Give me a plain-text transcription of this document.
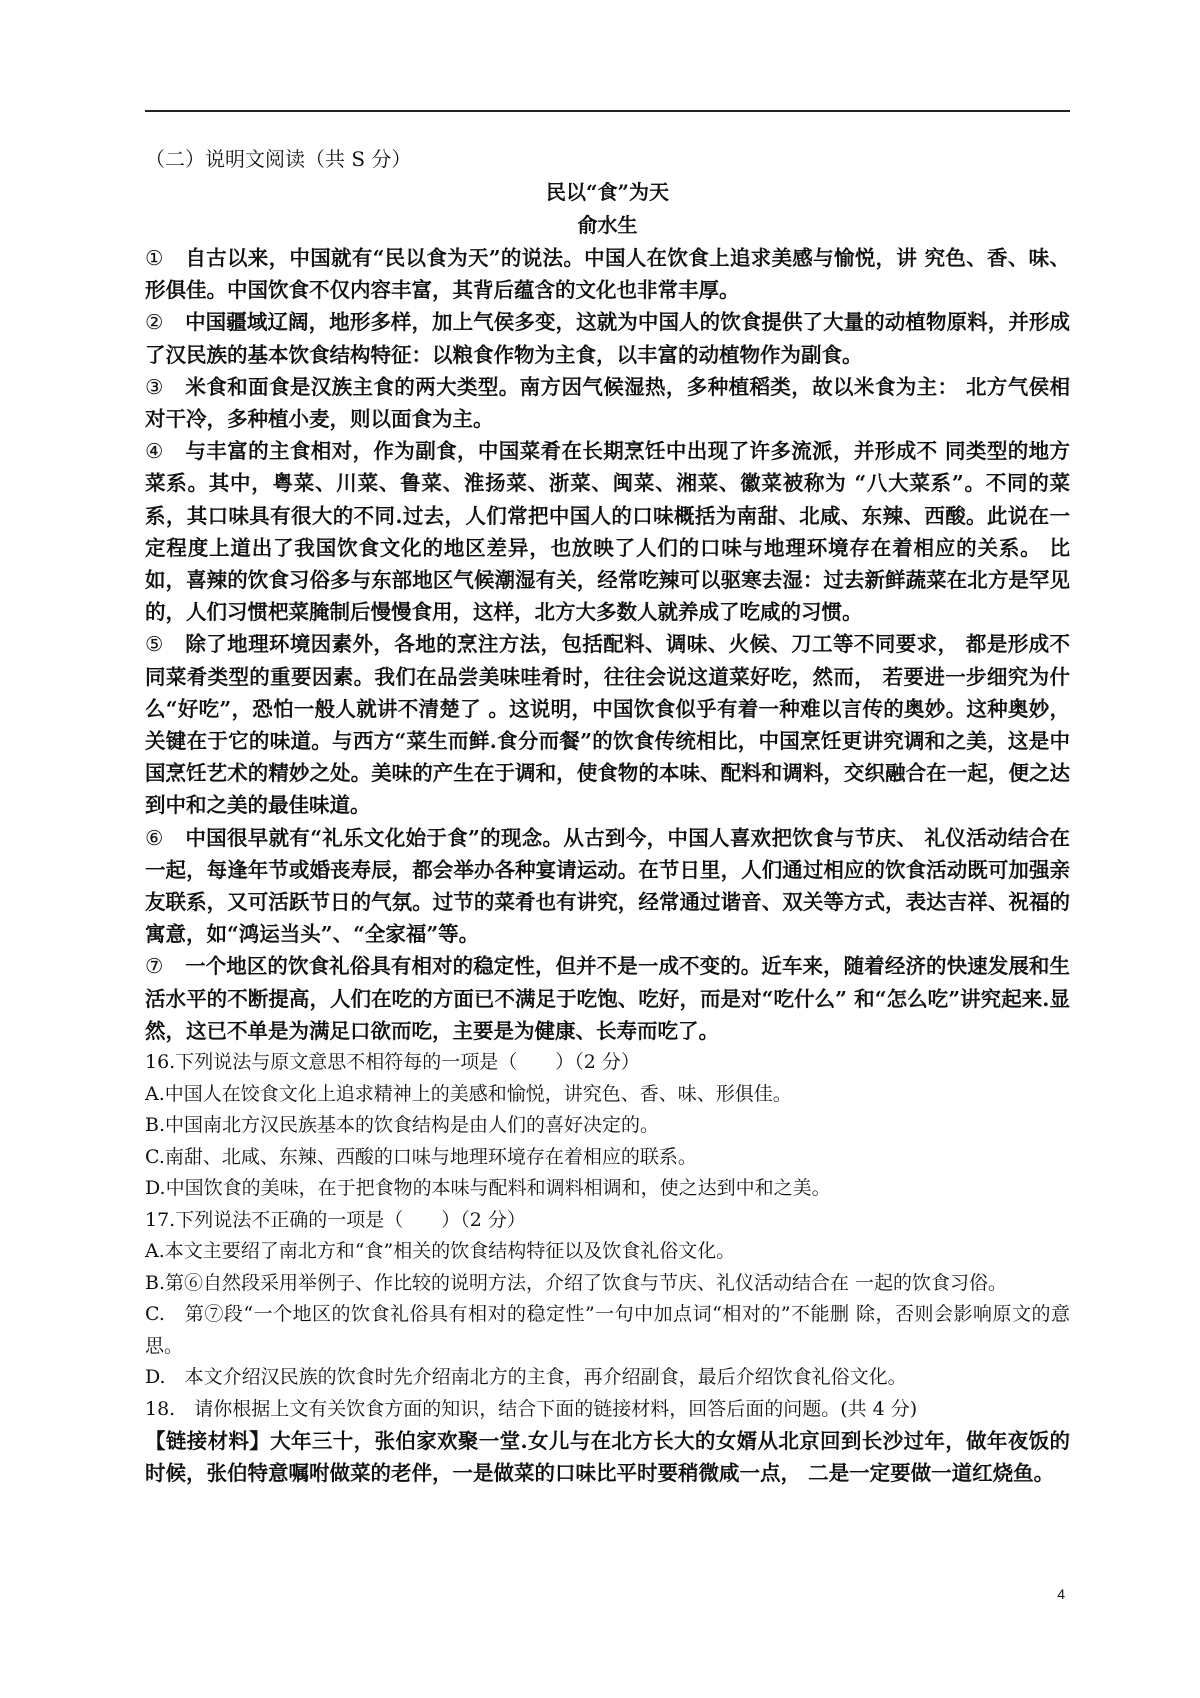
（二）说明文阅读（共 S 分）

民以“食”为天

俞水生

① 自古以来，中国就有“民以食为天”的说法。中国人在饮食上追求美感与愉悦，讲 究色、香、味、形俱佳。中国饮食不仅内容丰富，其背后蕴含的文化也非常丰厚。

② 中国疆域辽阔，地形多样，加上气侯多变，这就为中国人的饮食提供了大量的动植物原料，并形成了汉民族的基本饮食结构特征：以粮食作物为主食，以丰富的动植物作为副食。

③ 米食和面食是汉族主食的两大类型。南方因气候湿热，多种植稻类，故以米食为主： 北方气侯相对干冷，多种植小麦，则以面食为主。

④ 与丰富的主食相对，作为副食，中国菜肴在长期烹饪中出现了许多流派，并形成不 同类型的地方菜系。其中，粤菜、川菜、鲁菜、淮扬菜、浙菜、闽菜、湘菜、徽菜被称为 “八大菜系”。不同的菜系，其口味具有很大的不同.过去，人们常把中国人的口味概括为南甜、北咸、东辣、西酸。此说在一定程度上道出了我国饮食文化的地区差异，也放映了人们的口味与地理环境存在着相应的关系。 比如，喜辣的饮食习俗多与东部地区气候潮湿有关，经常吃辣可以驱寒去湿：过去新鲜蔬菜在北方是罕见的，人们习惯杷菜腌制后慢慢食用，这样，北方大多数人就养成了吃咸的习惯。

⑤ 除了地理环境因素外，各地的烹注方法，包括配料、调味、火候、刀工等不同要求， 都是形成不同菜肴类型的重要因素。我们在品尝美味哇肴时，往往会说这道菜好吃，然而， 若要进一步细究为什么“好吃”，恐怕一般人就讲不清楚了 。这说明，中国饮食似乎有着一种难以言传的奥妙。这种奥妙，关键在于它的味道。与西方“菜生而鲜.食分而餐”的饮食传统相比，中国烹饪更讲究调和之美，这是中国烹饪艺术的精妙之处。美味的产生在于调和，使食物的本味、配料和调料，交织融合在一起，便之达到中和之美的最佳味道。

⑥ 中国很早就有“礼乐文化始于食”的现念。从古到今，中国人喜欢把饮食与节庆、 礼仪活动结合在一起，每逢年节或婚丧寿辰，都会举办各种宴请运动。在节日里，人们通过相应的饮食活动既可加强亲友联系，又可活跃节日的气氛。过节的菜肴也有讲究，经常通过谐音、双关等方式，表达吉祥、祝福的寓意，如“鸿运当头”、“全家福”等。

⑦ 一个地区的饮食礼俗具有相对的稳定性，但并不是一成不变的。近车来，随着经济的快速发展和生活水平的不断提高，人们在吃的方面已不满足于吃饱、吃好，而是对“吃什么” 和“怎么吃”讲究起来.显然，这已不单是为满足口欲而吃，主要是为健康、长寿而吃了。

16.下列说法与原文意思不相符每的一项是（　　）（2 分）

A.中国人在饺食文化上追求精神上的美感和愉悦，讲究色、香、味、形俱佳。

B.中国南北方汉民族基本的饮食结构是由人们的喜好决定的。

C.南甜、北咸、东辣、西酸的口味与地理环境存在着相应的联系。

D.中国饮食的美味，在于把食物的本味与配料和调料相调和，使之达到中和之美。

17.下列说法不正确的一项是（　　）（2 分）

A.本文主要绍了南北方和“食”相关的饮食结构特征以及饮食礼俗文化。

B.第⑥自然段采用举例子、作比较的说明方法，介绍了饮食与节庆、礼仪活动结合在 一起的饮食习俗。

C.　第⑦段“一个地区的饮食礼俗具有相对的稳定性”一句中加点词“相对的”不能删 除，否则会影响原文的意思。

D.　本文介绍汉民族的饮食时先介绍南北方的主食，再介绍副食，最后介绍饮食礼俗文化。

18.　请你根据上文有关饮食方面的知识，结合下面的链接材料，回答后面的问题。(共 4 分)

【链接材料】大年三十，张伯家欢聚一堂.女儿与在北方长大的女婿从北京回到长沙过年，做年夜饭的时候，张伯特意嘱咐做菜的老伴，一是做菜的口味比平时要稍微咸一点， 二是一定要做一道红烧鱼。

4
